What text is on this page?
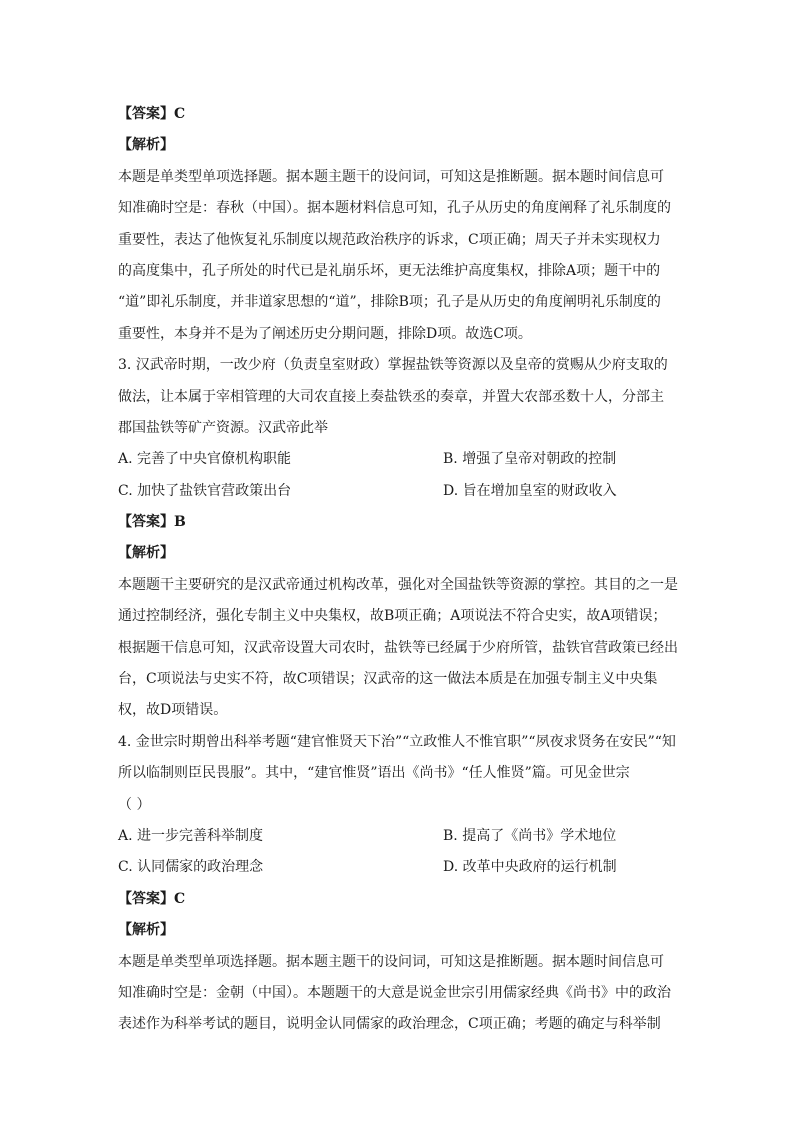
【答案】C
【解析】
本题是单类型单项选择题。据本题主题干的设问词，可知这是推断题。据本题时间信息可
知准确时空是：春秋（中国）。据本题材料信息可知，孔子从历史的角度阐释了礼乐制度的
重要性，表达了他恢复礼乐制度以规范政治秩序的诉求，C项正确；周天子并未实现权力
的高度集中，孔子所处的时代已是礼崩乐坏，更无法维护高度集权，排除A项；题干中的
“道”即礼乐制度，并非道家思想的“道”，排除B项；孔子是从历史的角度阐明礼乐制度的
重要性，本身并不是为了阐述历史分期问题，排除D项。故选C项。
3. 汉武帝时期，一改少府（负责皇室财政）掌握盐铁等资源以及皇帝的赏赐从少府支取的
做法，让本属于宰相管理的大司农直接上奏盐铁丞的奏章，并置大农部丞数十人，分部主
郡国盐铁等矿产资源。汉武帝此举
A. 完善了中央官僚机构职能	B. 增强了皇帝对朝政的控制
C. 加快了盐铁官营政策出台	D. 旨在增加皇室的财政收入
【答案】B
【解析】
本题题干主要研究的是汉武帝通过机构改革，强化对全国盐铁等资源的掌控。其目的之一是
通过控制经济，强化专制主义中央集权，故B项正确；A项说法不符合史实，故A项错误；
根据题干信息可知，汉武帝设置大司农时，盐铁等已经属于少府所管，盐铁官营政策已经出
台，C项说法与史实不符，故C项错误；汉武帝的这一做法本质是在加强专制主义中央集
权，故D项错误。
4. 金世宗时期曾出科举考题“建官惟贤天下治”“立政惟人不惟官职”“夙夜求贤务在安民”“知
所以临制则臣民畏服”。其中，“建官惟贤”语出《尚书》“任人惟贤”篇。可见金世宗
（ ）
A. 进一步完善科举制度	B. 提高了《尚书》学术地位
C. 认同儒家的政治理念	D. 改革中央政府的运行机制
【答案】C
【解析】
本题是单类型单项选择题。据本题主题干的设问词，可知这是推断题。据本题时间信息可
知准确时空是：金朝（中国）。本题题干的大意是说金世宗引用儒家经典《尚书》中的政治
表述作为科举考试的题目，说明金认同儒家的政治理念，C项正确；考题的确定与科举制
